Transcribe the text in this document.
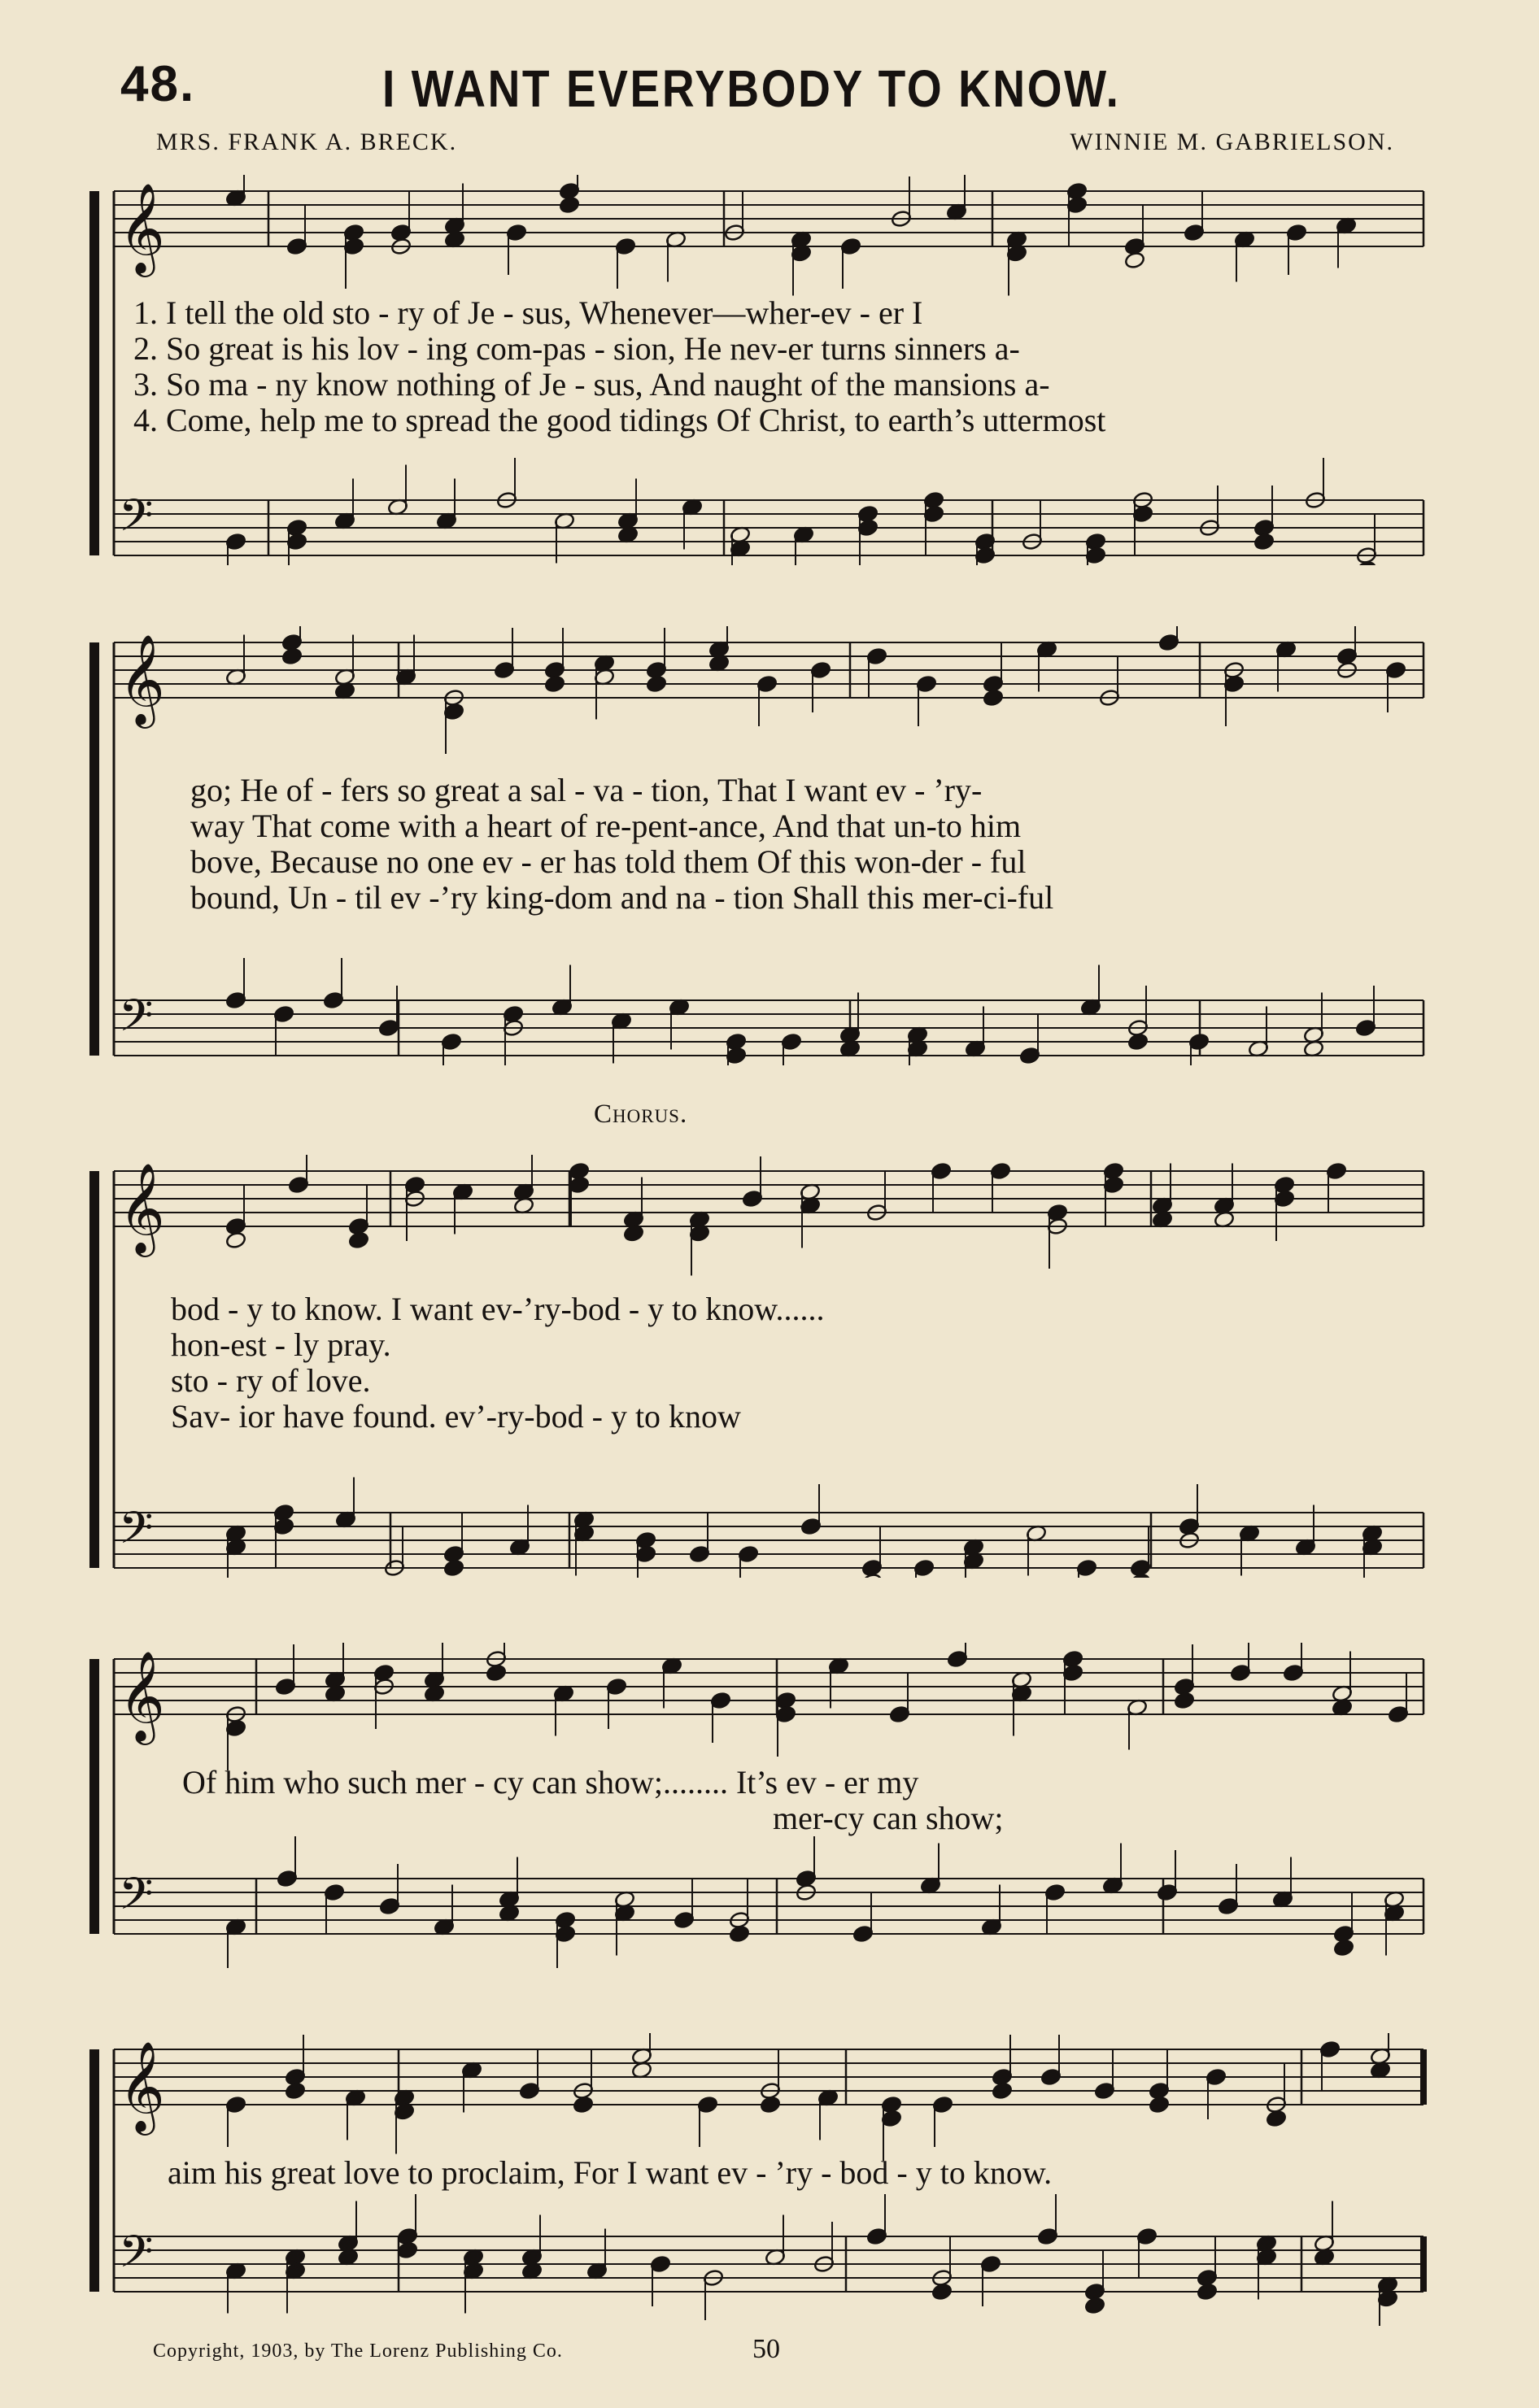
48.	I WANT EVERYBODY TO KNOW.
MRS. FRANK A. BRECK.	WINNIE M. GABRIELSON.
𝄞
𝄢
1. I tell the old sto - ry of Je - sus, Whenever—wher-ev - er I
2. So great is his lov - ing com-pas - sion, He nev-er turns sinners a-
3. So ma - ny know nothing of Je - sus, And naught of the mansions a-
4. Come, help me to spread the good tidings Of Christ, to earth’s uttermost
𝄞
𝄢
go; He of - fers so great a sal - va - tion, That I want ev - ’ry-
way That come with a heart of re-pent-ance, And that un-to him
bove, Because no one ev - er has told them Of this won-der - ful
bound, Un - til ev -’ry king-dom and na - tion Shall this mer-ci-ful
Chorus.
𝄞
𝄢
bod - y to know. I want ev-’ry-bod - y to know......
hon-est - ly pray.
sto - ry of love.
Sav- ior have found. ev’-ry-bod - y to know
𝄞
𝄢
Of him who such mer - cy can show;........ It’s ev - er my
mer-cy can show;
𝄞
𝄢
aim his great love to proclaim, For I want ev - ’ry - bod - y to know.
Copyright, 1903, by The Lorenz Publishing Co.	50
